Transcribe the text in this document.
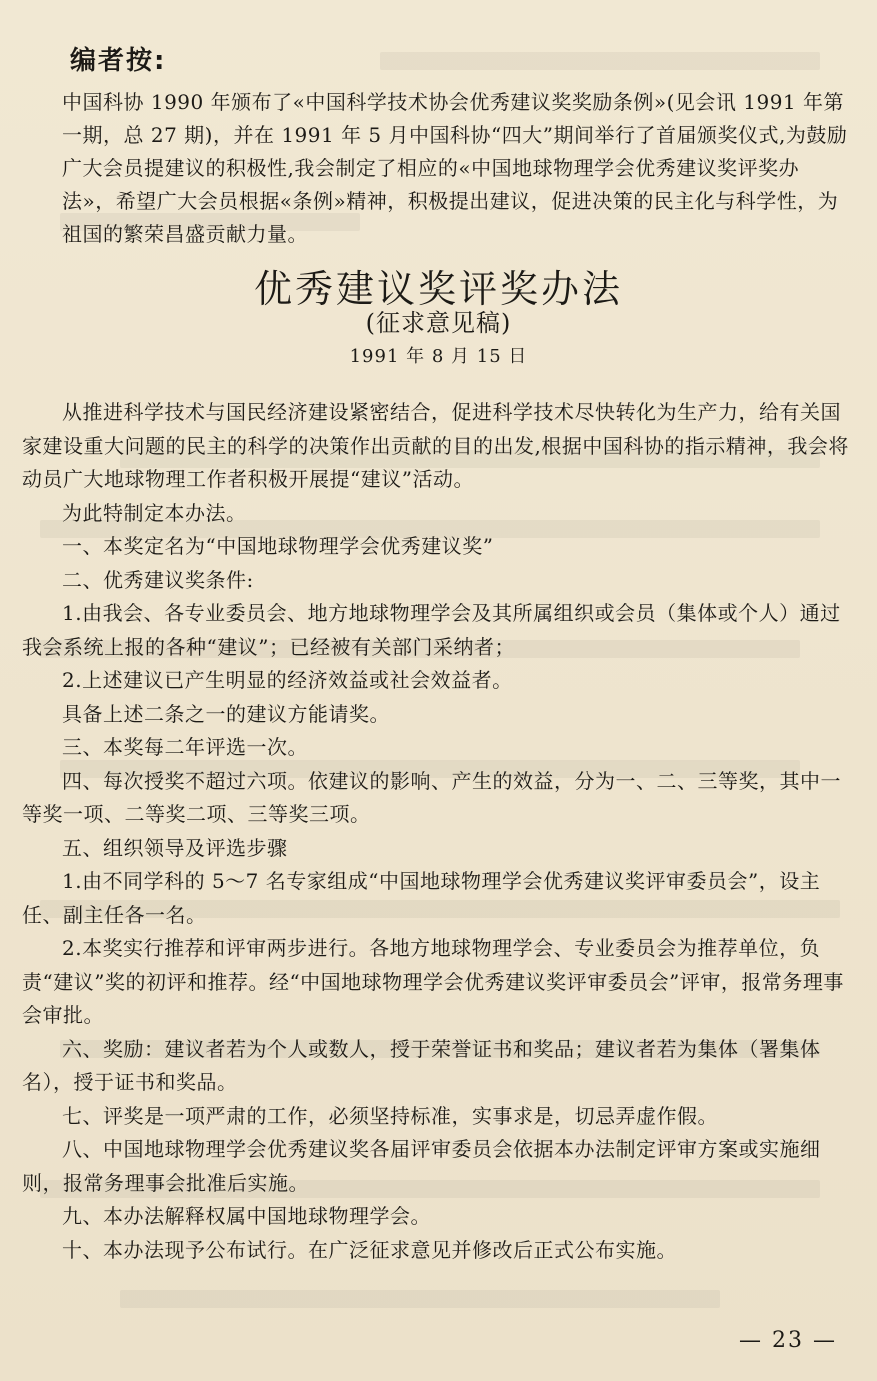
编者按:
中国科协 1990 年颁布了«中国科学技术协会优秀建议奖奖励条例»(见会讯 1991 年第一期，总 27 期)，并在 1991 年 5 月中国科协“四大”期间举行了首届颁奖仪式,为鼓励广大会员提建议的积极性,我会制定了相应的«中国地球物理学会优秀建议奖评奖办法»，希望广大会员根据«条例»精神，积极提出建议，促进决策的民主化与科学性，为祖国的繁荣昌盛贡献力量。
优秀建议奖评奖办法
(征求意见稿)
1991 年 8 月 15 日

从推进科学技术与国民经济建设紧密结合，促进科学技术尽快转化为生产力，给有关国家建设重大问题的民主的科学的决策作出贡献的目的出发,根据中国科协的指示精神，我会将动员广大地球物理工作者积极开展提“建议”活动。

为此特制定本办法。

一、本奖定名为“中国地球物理学会优秀建议奖”

二、优秀建议奖条件:

1.由我会、各专业委员会、地方地球物理学会及其所属组织或会员（集体或个人）通过我会系统上报的各种“建议”；已经被有关部门采纳者；

2.上述建议已产生明显的经济效益或社会效益者。

具备上述二条之一的建议方能请奖。

三、本奖每二年评选一次。

四、每次授奖不超过六项。依建议的影响、产生的效益，分为一、二、三等奖，其中一等奖一项、二等奖二项、三等奖三项。

五、组织领导及评选步骤

1.由不同学科的 5～7 名专家组成“中国地球物理学会优秀建议奖评审委员会”，设主任、副主任各一名。

2.本奖实行推荐和评审两步进行。各地方地球物理学会、专业委员会为推荐单位，负责“建议”奖的初评和推荐。经“中国地球物理学会优秀建议奖评审委员会”评审，报常务理事会审批。

六、奖励：建议者若为个人或数人，授于荣誉证书和奖品；建议者若为集体（署集体名），授于证书和奖品。

七、评奖是一项严肃的工作，必须坚持标准，实事求是，切忌弄虚作假。

八、中国地球物理学会优秀建议奖各届评审委员会依据本办法制定评审方案或实施细则，报常务理事会批准后实施。

九、本办法解释权属中国地球物理学会。

十、本办法现予公布试行。在广泛征求意见并修改后正式公布实施。

— 23 —
